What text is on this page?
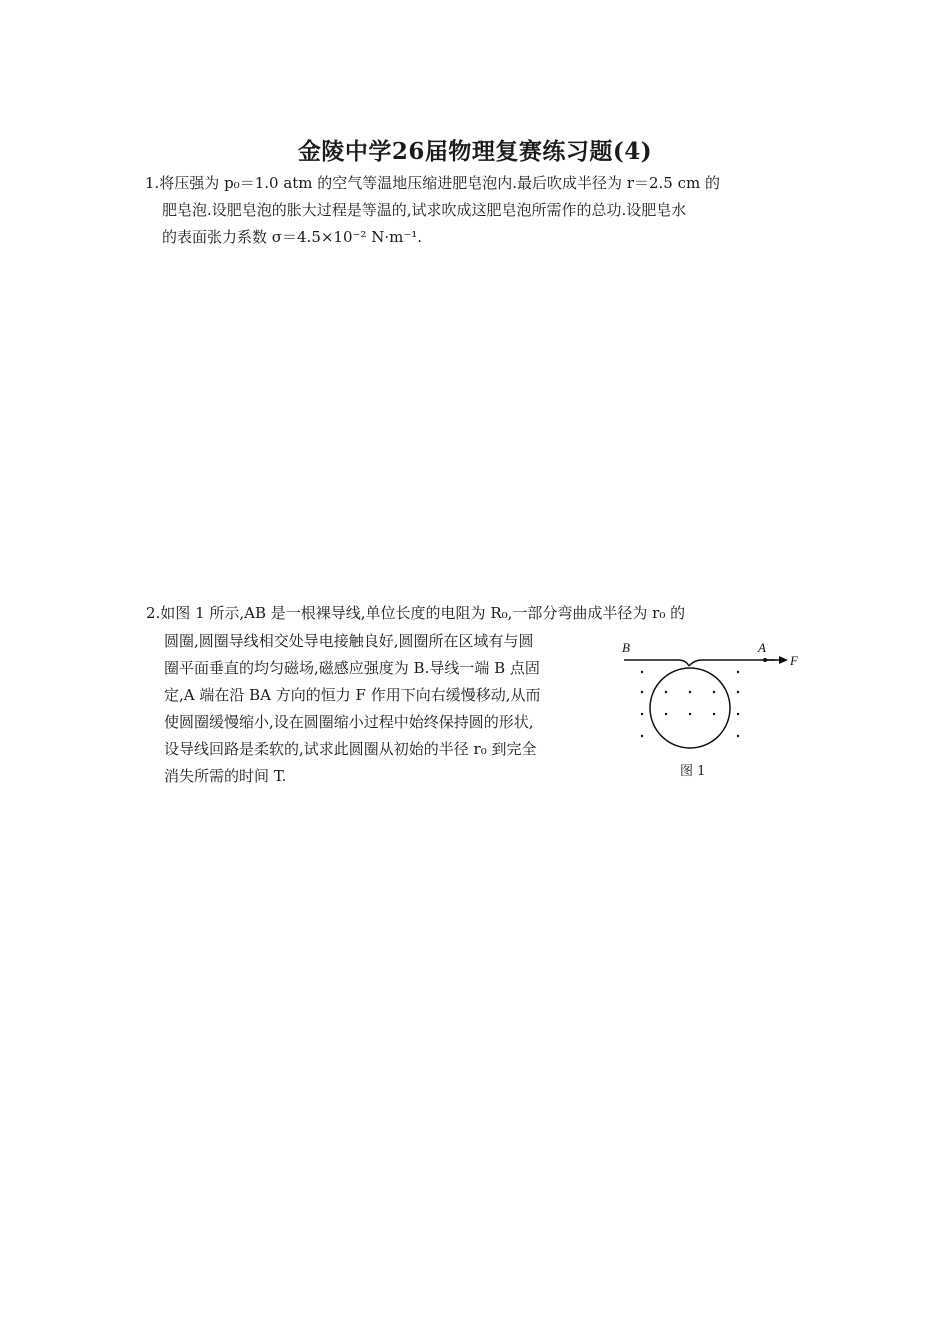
金陵中学26届物理复赛练习题(4)
1.将压强为 p₀＝1.0 atm 的空气等温地压缩进肥皂泡内.最后吹成半径为 r＝2.5 cm 的
肥皂泡.设肥皂泡的胀大过程是等温的,试求吹成这肥皂泡所需作的总功.设肥皂水
的表面张力系数 σ＝4.5×10⁻² N·m⁻¹.
2.如图 1 所示,AB 是一根裸导线,单位长度的电阻为 R₀,一部分弯曲成半径为 r₀ 的
圆圈,圆圈导线相交处导电接触良好,圆圈所在区域有与圆
圈平面垂直的均匀磁场,磁感应强度为 B.导线一端 B 点固
定,A 端在沿 BA 方向的恒力 F 作用下向右缓慢移动,从而
使圆圈缓慢缩小,设在圆圈缩小过程中始终保持圆的形状,
设导线回路是柔软的,试求此圆圈从初始的半径 r₀ 到完全
消失所需的时间 T.
B	A
F
图 1
